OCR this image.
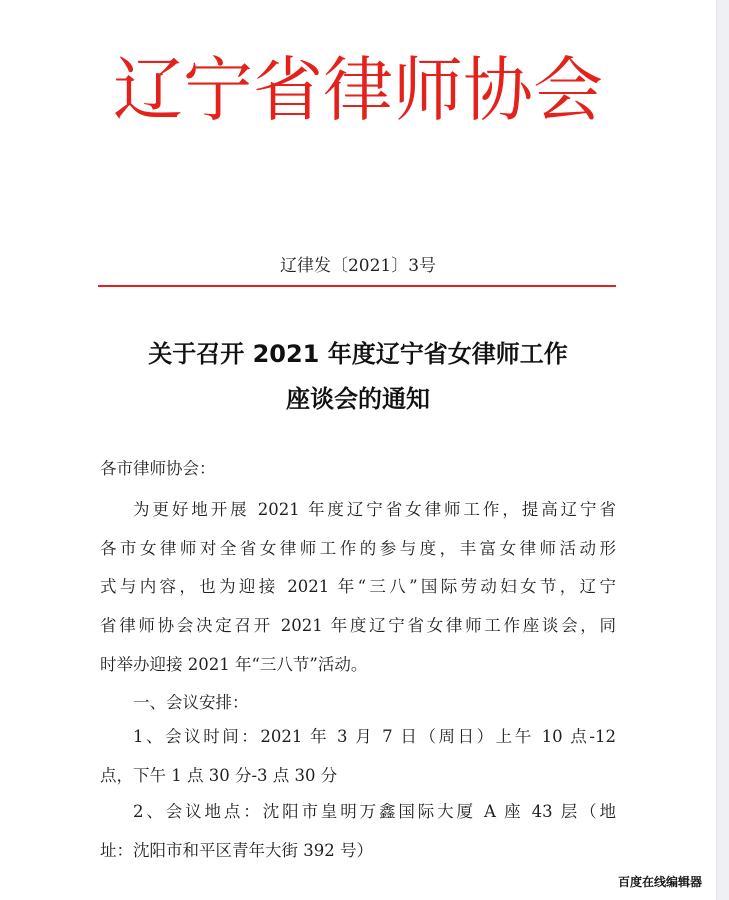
辽宁省律师协会
辽律发〔2021〕3号
关于召开 2021 年度辽宁省女律师工作
座谈会的通知
各市律师协会：
为更好地开展 2021 年度辽宁省女律师工作，提高辽宁省
各市女律师对全省女律师工作的参与度，丰富女律师活动形
式与内容，也为迎接 2021 年“三八”国际劳动妇女节，辽宁
省律师协会决定召开 2021 年度辽宁省女律师工作座谈会，同
时举办迎接 2021 年“三八节”活动。
一、会议安排：
1、会议时间：2021 年 3 月 7 日（周日）上午 10 点-12
点，下午 1 点 30 分-3 点 30 分
2、会议地点：沈阳市皇明万鑫国际大厦 A 座 43 层（地
址：沈阳市和平区青年大街 392 号）
百度在线编辑器
